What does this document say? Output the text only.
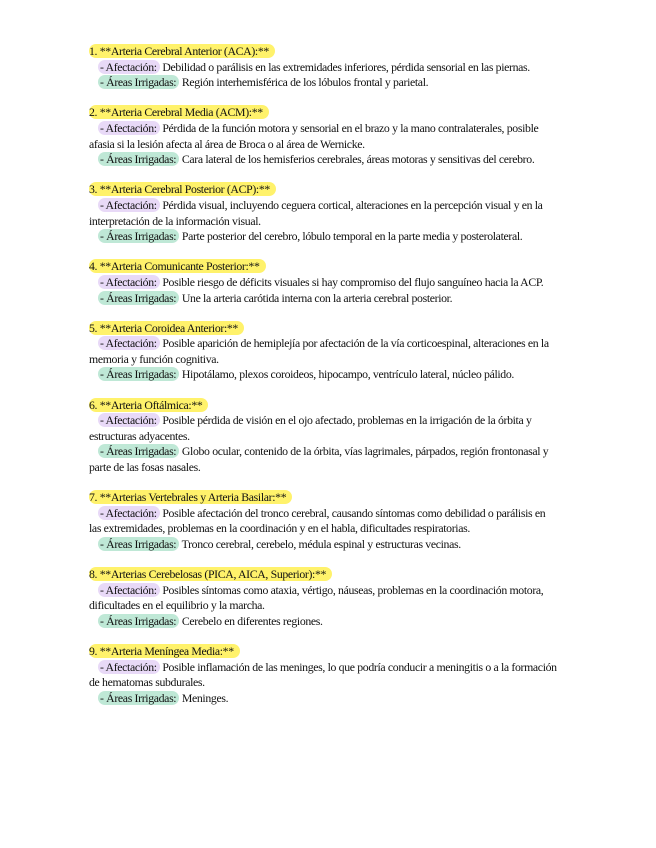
1. **Arteria Cerebral Anterior (ACA):**

- Afectación: Debilidad o parálisis en las extremidades inferiores, pérdida sensorial en las piernas.

- Áreas Irrigadas: Región interhemisférica de los lóbulos frontal y parietal.

2. **Arteria Cerebral Media (ACM):**

- Afectación: Pérdida de la función motora y sensorial en el brazo y la mano contralaterales, posible afasia si la lesión afecta al área de Broca o al área de Wernicke.

- Áreas Irrigadas: Cara lateral de los hemisferios cerebrales, áreas motoras y sensitivas del cerebro.

3. **Arteria Cerebral Posterior (ACP):**

- Afectación: Pérdida visual, incluyendo ceguera cortical, alteraciones en la percepción visual y en la interpretación de la información visual.

- Áreas Irrigadas: Parte posterior del cerebro, lóbulo temporal en la parte media y posterolateral.

4. **Arteria Comunicante Posterior:**

- Afectación: Posible riesgo de déficits visuales si hay compromiso del flujo sanguíneo hacia la ACP.

- Áreas Irrigadas: Une la arteria carótida interna con la arteria cerebral posterior.

5. **Arteria Coroidea Anterior:**

- Afectación: Posible aparición de hemiplejía por afectación de la vía corticoespinal, alteraciones en la memoria y función cognitiva.

- Áreas Irrigadas: Hipotálamo, plexos coroideos, hipocampo, ventrículo lateral, núcleo pálido.

6. **Arteria Oftálmica:**

- Afectación: Posible pérdida de visión en el ojo afectado, problemas en la irrigación de la órbita y estructuras adyacentes.

- Áreas Irrigadas: Globo ocular, contenido de la órbita, vías lagrimales, párpados, región frontonasal y parte de las fosas nasales.

7. **Arterias Vertebrales y Arteria Basilar:**

- Afectación: Posible afectación del tronco cerebral, causando síntomas como debilidad o parálisis en las extremidades, problemas en la coordinación y en el habla, dificultades respiratorias.

- Áreas Irrigadas: Tronco cerebral, cerebelo, médula espinal y estructuras vecinas.

8. **Arterias Cerebelosas (PICA, AICA, Superior):**

- Afectación: Posibles síntomas como ataxia, vértigo, náuseas, problemas en la coordinación motora, dificultades en el equilibrio y la marcha.

- Áreas Irrigadas: Cerebelo en diferentes regiones.

9. **Arteria Meníngea Media:**

- Afectación: Posible inflamación de las meninges, lo que podría conducir a meningitis o a la formación de hematomas subdurales.

- Áreas Irrigadas: Meninges.
